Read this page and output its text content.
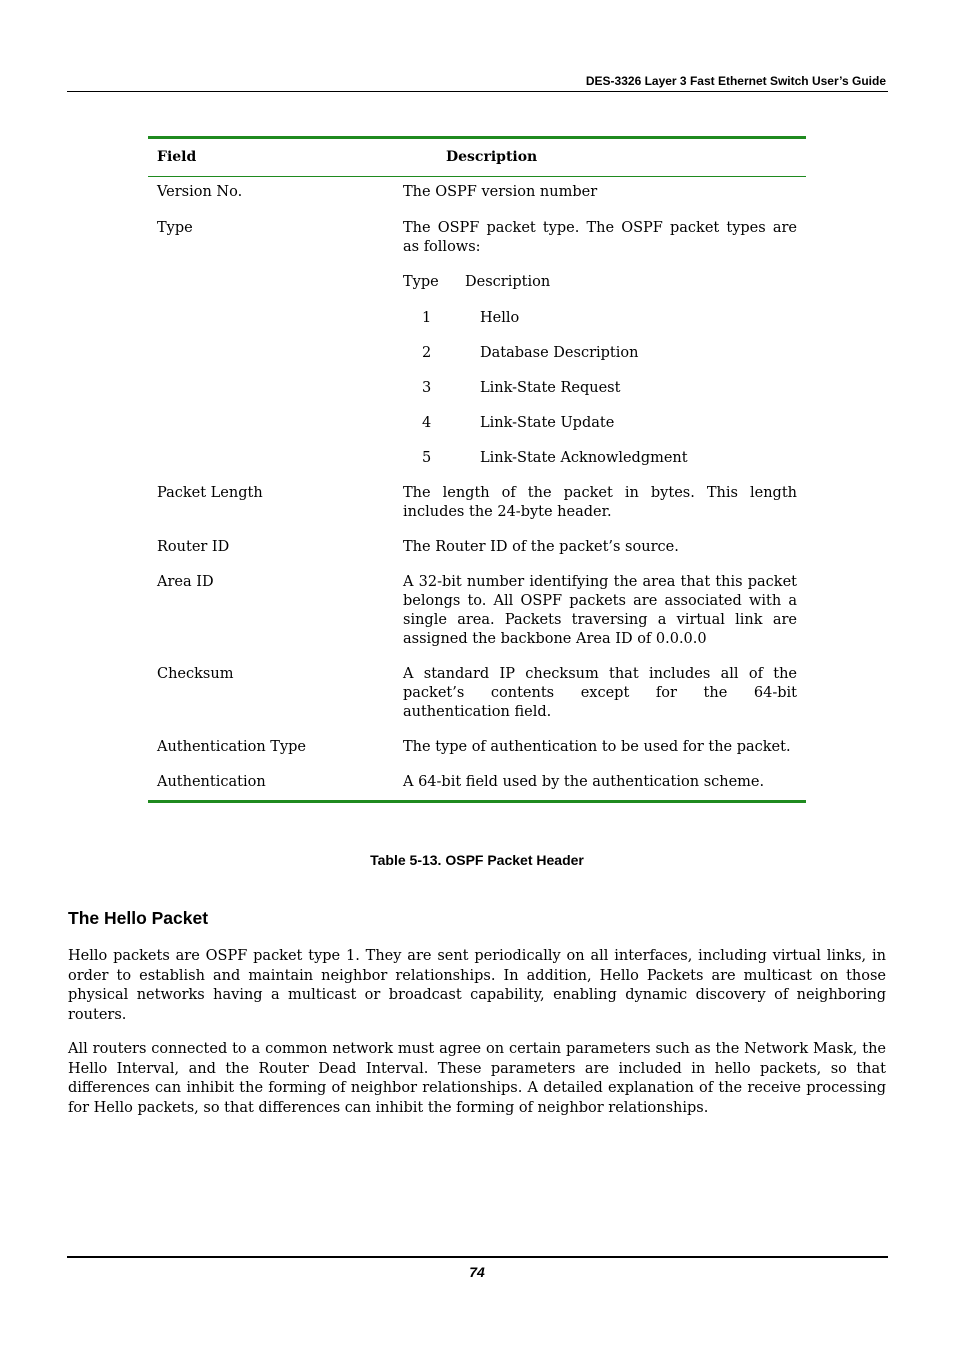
DES-3326 Layer 3 Fast Ethernet Switch User’s Guide
Field	Description
Version No.	The OSPF version number
Type	The OSPF packet type. The OSPF packet types are as follows:
Type	Description
1	Hello
2	Database Description
3	Link-State Request
4	Link-State Update
5	Link-State Acknowledgment
Packet Length	The length of the packet in bytes. This length includes the 24-byte header.
Router ID	The Router ID of the packet’s source.
Area ID	A 32-bit number identifying the area that this packet belongs to. All OSPF packets are associated with a single area. Packets traversing a virtual link are assigned the backbone Area ID of 0.0.0.0
Checksum	A standard IP checksum that includes all of the packet’s contents except for the 64-bit authentication field.
Authentication Type	The type of authentication to be used for the packet.
Authentication	A 64-bit field used by the authentication scheme.
Table 5-13. OSPF Packet Header
The Hello Packet
Hello packets are OSPF packet type 1. They are sent periodically on all interfaces, including virtual links, in order to establish and maintain neighbor relationships. In addition, Hello Packets are multicast on those physical networks having a multicast or broadcast capability, enabling dynamic discovery of neighboring routers.
All routers connected to a common network must agree on certain parameters such as the Network Mask, the Hello Interval, and the Router Dead Interval. These parameters are included in hello packets, so that differences can inhibit the forming of neighbor relationships. A detailed explanation of the receive processing for Hello packets, so that differences can inhibit the forming of neighbor relationships.
74
